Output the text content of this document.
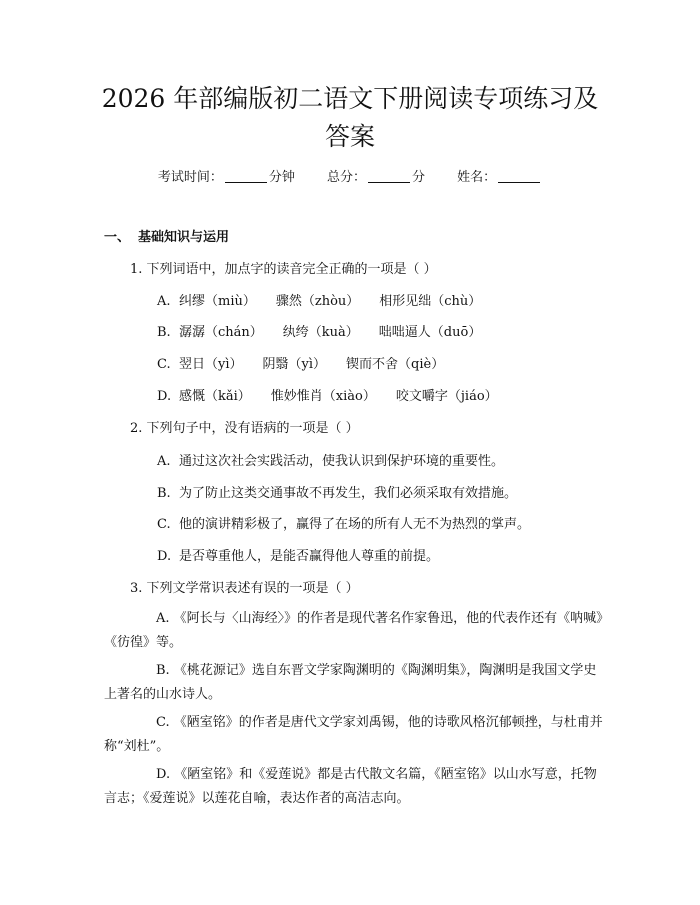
2026 年部编版初二语文下册阅读专项练习及
答案
考试时间：	分钟 总分：	分 姓名：
一、 基础知识与运用
1. 下列词语中，加点字的读音完全正确的一项是（ ）
A. 纠缪（miù） 骤然（zhòu） 相形见绌（chù）
B. 潺潺（chán） 纨绔（kuà） 咄咄逼人（duō）
C. 翌日（yì） 阴翳（yì） 锲而不舍（qiè）
D. 感慨（kǎi） 惟妙惟肖（xiào） 咬文嚼字（jiáo）
2. 下列句子中，没有语病的一项是（ ）
A. 通过这次社会实践活动，使我认识到保护环境的重要性。
B. 为了防止这类交通事故不再发生，我们必须采取有效措施。
C. 他的演讲精彩极了，赢得了在场的所有人无不为热烈的掌声。
D. 是否尊重他人，是能否赢得他人尊重的前提。
3. 下列文学常识表述有误的一项是（ ）

A. 《阿长与〈山海经〉》的作者是现代著名作家鲁迅，他的代表作还有《呐喊》《彷徨》等。

B. 《桃花源记》选自东晋文学家陶渊明的《陶渊明集》，陶渊明是我国文学史上著名的山水诗人。

C. 《陋室铭》的作者是唐代文学家刘禹锡，他的诗歌风格沉郁顿挫，与杜甫并称“刘杜”。

D. 《陋室铭》和《爱莲说》都是古代散文名篇，《陋室铭》以山水写意，托物言志；《爱莲说》以莲花自喻，表达作者的高洁志向。
